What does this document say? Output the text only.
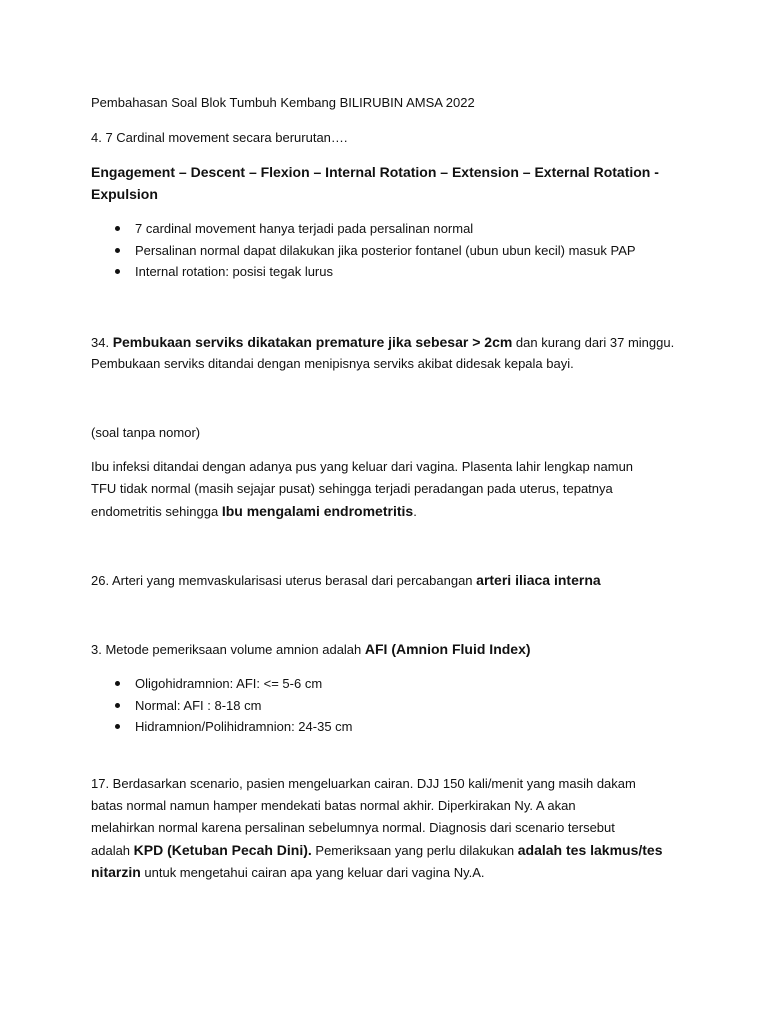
Pembahasan Soal Blok Tumbuh Kembang BILIRUBIN AMSA 2022
4. 7 Cardinal movement secara berurutan….
Engagement – Descent – Flexion – Internal Rotation – Extension – External Rotation -
Expulsion
7 cardinal movement hanya terjadi pada persalinan normal
Persalinan normal dapat dilakukan jika posterior fontanel (ubun ubun kecil) masuk PAP
Internal rotation: posisi tegak lurus
34. Pembukaan serviks dikatakan premature jika sebesar > 2cm dan kurang dari 37 minggu.
Pembukaan serviks ditandai dengan menipisnya serviks akibat didesak kepala bayi.
(soal tanpa nomor)
Ibu infeksi ditandai dengan adanya pus yang keluar dari vagina. Plasenta lahir lengkap namun
TFU tidak normal (masih sejajar pusat) sehingga terjadi peradangan pada uterus, tepatnya
endometritis sehingga Ibu mengalami endrometritis.
26. Arteri yang memvaskularisasi uterus berasal dari percabangan arteri iliaca interna
3. Metode pemeriksaan volume amnion adalah AFI (Amnion Fluid Index)
Oligohidramnion: AFI: <= 5-6 cm
Normal: AFI : 8-18 cm
Hidramnion/Polihidramnion: 24-35 cm
17. Berdasarkan scenario, pasien mengeluarkan cairan. DJJ 150 kali/menit yang masih dakam
batas normal namun hamper mendekati batas normal akhir. Diperkirakan Ny. A akan
melahirkan normal karena persalinan sebelumnya normal. Diagnosis dari scenario tersebut
adalah KPD (Ketuban Pecah Dini). Pemeriksaan yang perlu dilakukan adalah tes lakmus/tes
nitarzin untuk mengetahui cairan apa yang keluar dari vagina Ny.A.
